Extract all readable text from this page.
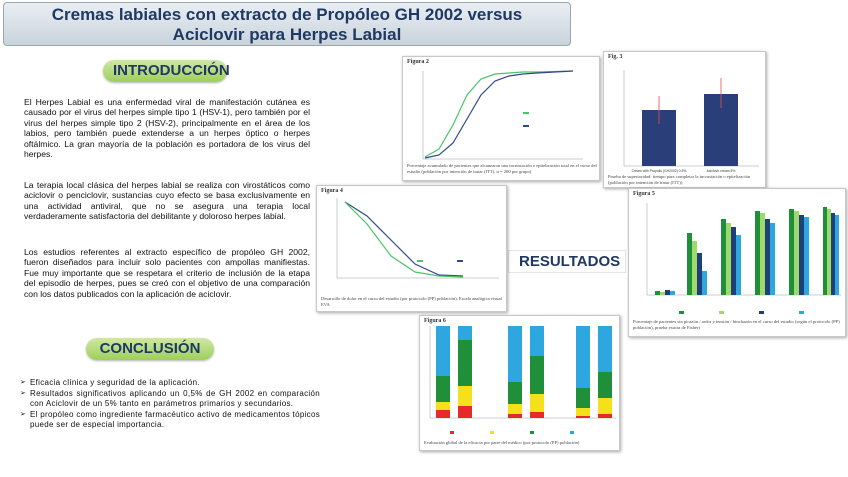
Cremas labiales con extracto de Propóleo GH 2002 versus
Aciclovir para Herpes Labial
INTRODUCCIÓN

El Herpes Labial es una enfermedad viral de manifestación cutánea es causado por el virus del herpes simple tipo 1 (HSV-1), pero también por el virus del herpes simple tipo 2 (HSV-2), principalmente en el área de los labios, pero también puede extenderse a un herpes óptico o herpes oftálmico. La gran mayoría de la población es portadora de los virus del herpes.

La terapia local clásica del herpes labial se realiza con virostáticos como aciclovir o penciclovir, sustancias cuyo efecto se basa exclusivamente en una actividad antiviral, que no se asegura una terapia local verdaderamente satisfactoria del debilitante y doloroso herpes labial.

Los estudios referentes al extracto específico de propóleo GH 2002, fueron diseñados para incluir solo pacientes con ampollas manifiestas. Fue muy importante que se respetara el criterio de inclusión de la etapa del episodio de herpes, pues se creó con el objetivo de una comparación con los datos publicados con la aplicación de aciclovir.

CONCLUSIÓN
➢ Eficacia clínica y seguridad de la aplicación.
➢ Resultados significativos aplicando un 0,5% de GH 2002 en comparación con Aciclovir de un 5% tanto en parámetros primarios y secundarios.
➢ El propóleo como ingrediente farmacéutico activo de medicamentos tópicos puede ser de especial importancia.
RESULTADOS
Figura 2
Porcentaje acumulado de pacientes que alcanzaron una incrustación o epitelización total en el curso del estudio (población por intención de tratar (ITT), n = 200 por grupo)
Fig. 3
Cream with Propolis (GH2002) 0.5%	Aciclovir cream 5%
Prueba de superioridad: tiempo para completar la incrustación o epitelización (población por intención de tratar (ITT))
Figura 4
Desarrollo de dolor en el curso del estudio (por protocolo (PP) población). Escala analógica visual EVA
Figura 5
Porcentaje de pacientes sin picazón / ardor y tensión / hinchazón en el curso del estudio (según el protocolo (PP) población), prueba exacta de Fisher)
Figura 6
Evaluación global de la eficacia por parte del médico (por protocolo (PP) población)
